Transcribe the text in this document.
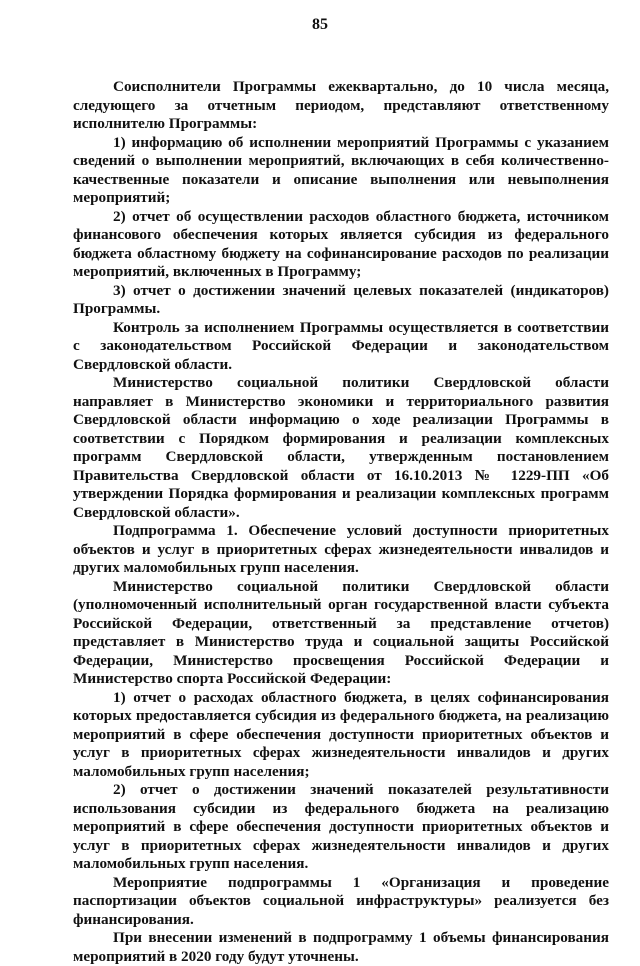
85

Соисполнители Программы ежеквартально, до 10 числа месяца, следующего за отчетным периодом, представляют ответственному исполнителю Программы:

1) информацию об исполнении мероприятий Программы с указанием сведений о выполнении мероприятий, включающих в себя количественно-качественные показатели и описание выполнения или невыполнения мероприятий;

2) отчет об осуществлении расходов областного бюджета, источником финансового обеспечения которых является субсидия из федерального бюджета областному бюджету на софинансирование расходов по реализации мероприятий, включенных в Программу;

3) отчет о достижении значений целевых показателей (индикаторов) Программы.

Контроль за исполнением Программы осуществляется в соответствии с законодательством Российской Федерации и законодательством Свердловской области.

Министерство социальной политики Свердловской области направляет в Министерство экономики и территориального развития Свердловской области информацию о ходе реализации Программы в соответствии с Порядком формирования и реализации комплексных программ Свердловской области, утвержденным постановлением Правительства Свердловской области от 16.10.2013 № 1229-ПП «Об утверждении Порядка формирования и реализации комплексных программ Свердловской области».

Подпрограмма 1. Обеспечение условий доступности приоритетных объектов и услуг в приоритетных сферах жизнедеятельности инвалидов и других маломобильных групп населения.

Министерство социальной политики Свердловской области (уполномоченный исполнительный орган государственной власти субъекта Российской Федерации, ответственный за представление отчетов) представляет в Министерство труда и социальной защиты Российской Федерации, Министерство просвещения Российской Федерации и Министерство спорта Российской Федерации:

1) отчет о расходах областного бюджета, в целях софинансирования которых предоставляется субсидия из федерального бюджета, на реализацию мероприятий в сфере обеспечения доступности приоритетных объектов и услуг в приоритетных сферах жизнедеятельности инвалидов и других маломобильных групп населения;

2) отчет о достижении значений показателей результативности использования субсидии из федерального бюджета на реализацию мероприятий в сфере обеспечения доступности приоритетных объектов и услуг в приоритетных сферах жизнедеятельности инвалидов и других маломобильных групп населения.

Мероприятие подпрограммы 1 «Организация и проведение паспортизации объектов социальной инфраструктуры» реализуется без финансирования.

При внесении изменений в подпрограмму 1 объемы финансирования мероприятий в 2020 году будут уточнены.
